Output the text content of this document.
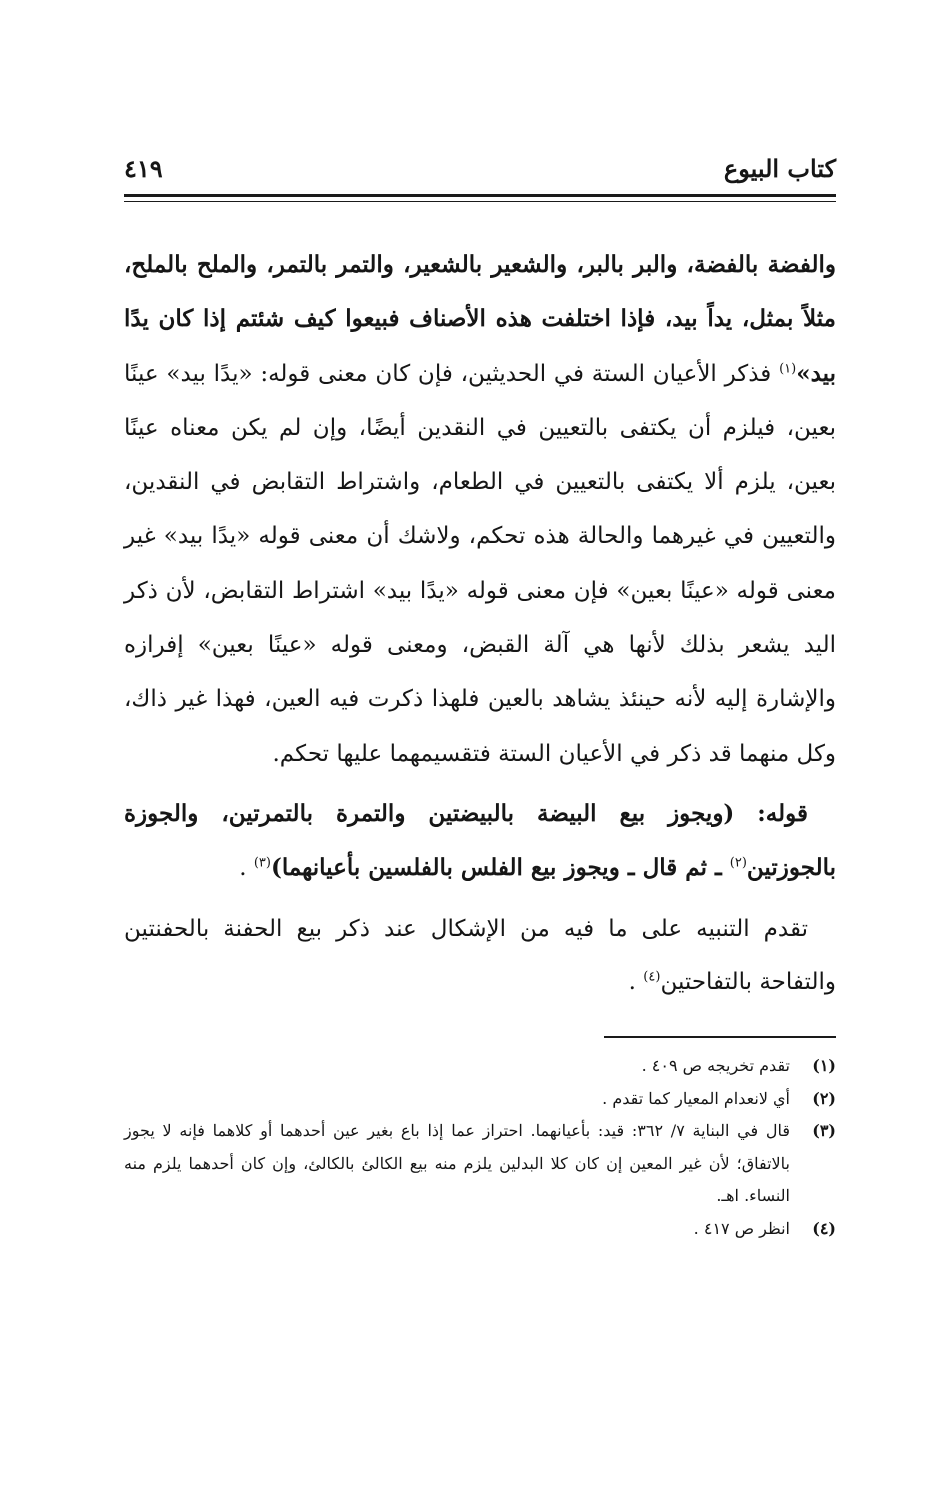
كتاب البيوع
٤١٩

والفضة بالفضة، والبر بالبر، والشعير بالشعير، والتمر بالتمر، والملح بالملح، مثلاً بمثل، يداً بيد، فإذا اختلفت هذه الأصناف فبيعوا كيف شئتم إذا كان يدًا بيد»$^{(١)}$ فذكر الأعيان الستة في الحديثين، فإن كان معنى قوله: «يدًا بيد» عينًا بعين، فيلزم أن يكتفى بالتعيين في النقدين أيضًا، وإن لم يكن معناه عينًا بعين، يلزم ألا يكتفى بالتعيين في الطعام، واشتراط التقابض في النقدين، والتعيين في غيرهما والحالة هذه تحكم، ولاشك أن معنى قوله «يدًا بيد» غير معنى قوله «عينًا بعين» فإن معنى قوله «يدًا بيد» اشتراط التقابض، لأن ذكر اليد يشعر بذلك لأنها هي آلة القبض، ومعنى قوله «عينًا بعين» إفرازه والإشارة إليه لأنه حينئذ يشاهد بالعين فلهذا ذكرت فيه العين، فهذا غير ذاك، وكل منهما قد ذكر في الأعيان الستة فتقسيمهما عليها تحكم.

قوله: (ويجوز بيع البيضة بالبيضتين والتمرة بالتمرتين، والجوزة بالجوزتين$^{(٢)}$ ـ ثم قال ـ ويجوز بيع الفلس بالفلسين بأعيانهما)$^{(٣)}$ .

تقدم التنبيه على ما فيه من الإشكال عند ذكر بيع الحفنة بالحفنتين والتفاحة بالتفاحتين$^{(٤)}$ .

(١)
تقدم تخريجه ص ٤٠٩ .
(٢)
أي لانعدام المعيار كما تقدم .
(٣)
قال في البناية ٧/ ٣٦٢: قيد: بأعيانهما. احتراز عما إذا باع بغير عين أحدهما أو كلاهما فإنه لا يجوز بالاتفاق؛ لأن غير المعين إن كان كلا البدلين يلزم منه بيع الكالئ بالكالئ، وإن كان أحدهما يلزم منه النساء. اهـ.
(٤)
انظر ص ٤١٧ .
